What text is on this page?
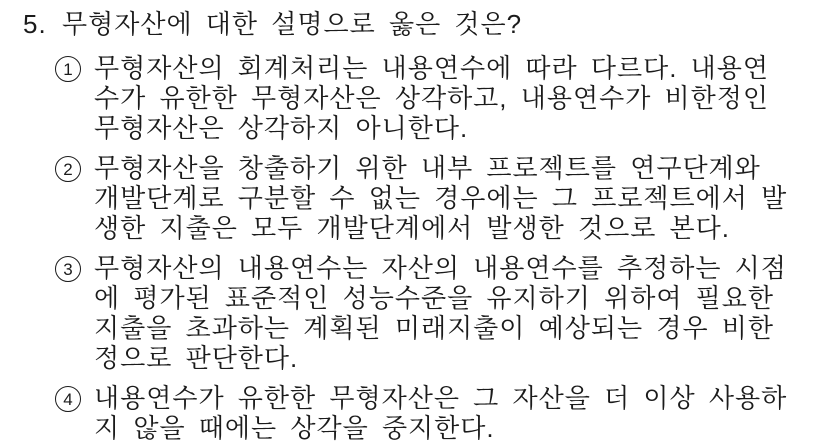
5. 무형자산에 대한 설명으로 옳은 것은?
1 무형자산의 회계처리는 내용연수에 따라 다르다. 내용연
수가 유한한 무형자산은 상각하고, 내용연수가 비한정인
무형자산은 상각하지 아니한다.
2 무형자산을 창출하기 위한 내부 프로젝트를 연구단계와
개발단계로 구분할 수 없는 경우에는 그 프로젝트에서 발
생한 지출은 모두 개발단계에서 발생한 것으로 본다.
3 무형자산의 내용연수는 자산의 내용연수를 추정하는 시점
에 평가된 표준적인 성능수준을 유지하기 위하여 필요한
지출을 초과하는 계획된 미래지출이 예상되는 경우 비한
정으로 판단한다.
4 내용연수가 유한한 무형자산은 그 자산을 더 이상 사용하
지 않을 때에는 상각을 중지한다.
